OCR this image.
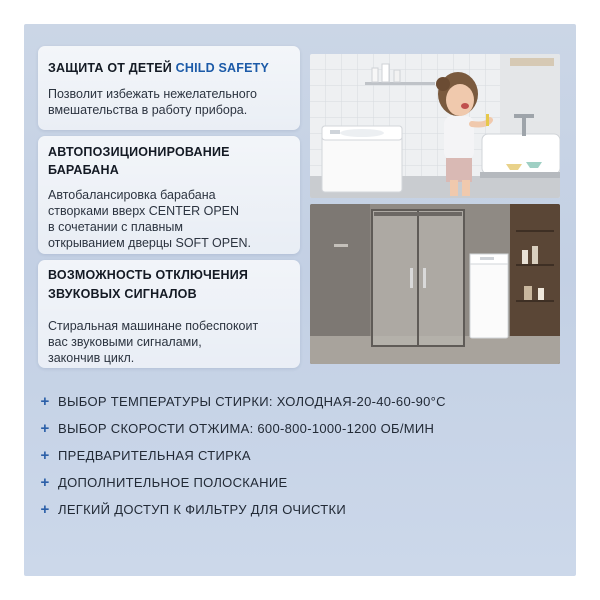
ЗАЩИТА ОТ ДЕТЕЙ CHILD SAFETY

Позволит избежать нежелательного вмешательства в работу прибора.

АВТОПОЗИЦИОНИРОВАНИЕ
БАРАБАНА

Автобалансировка барабана
створками вверх CENTER OPEN
в сочетании с плавным
открыванием дверцы SOFT OPEN.

ВОЗМОЖНОСТЬ ОТКЛЮЧЕНИЯ
ЗВУКОВЫХ СИГНАЛОВ

Стиральная машинане побеспокоит
вас звуковыми сигналами,
закончив цикл.

+ ВЫБОР ТЕМПЕРАТУРЫ СТИРКИ: ХОЛОДНАЯ-20-40-60-90°С
+ ВЫБОР СКОРОСТИ ОТЖИМА: 600-800-1000-1200 ОБ/МИН
+ ПРЕДВАРИТЕЛЬНАЯ СТИРКА
+ ДОПОЛНИТЕЛЬНОЕ ПОЛОСКАНИЕ
+ ЛЕГКИЙ ДОСТУП К ФИЛЬТРУ ДЛЯ ОЧИСТКИ
